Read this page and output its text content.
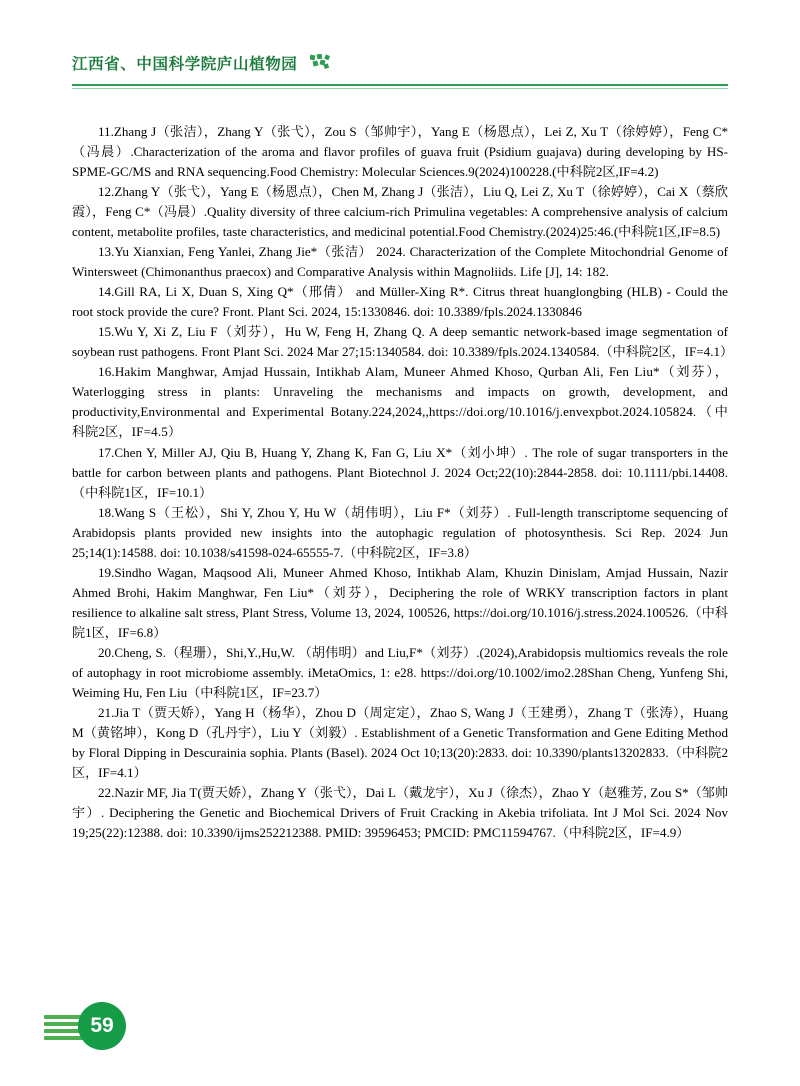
江西省、中国科学院庐山植物园

11.Zhang J（张洁），Zhang Y（张弋），Zou S（邹帅宇），Yang E（杨恩点），Lei Z, Xu T（徐婷婷），Feng C*（冯晨）.Characterization of the aroma and flavor profiles of guava fruit (Psidium guajava) during developing by HS-SPME-GC/MS and RNA sequencing.Food Chemistry: Molecular Sciences.9(2024)100228.(中科院2区,IF=4.2)

12.Zhang Y（张弋），Yang E（杨恩点），Chen M, Zhang J（张洁），Liu Q, Lei Z, Xu T（徐婷婷），Cai X（蔡欣霞），Feng C*（冯晨）.Quality diversity of three calcium-rich Primulina vegetables: A comprehensive analysis of calcium content, metabolite profiles, taste characteristics, and medicinal potential.Food Chemistry.(2024)25:46.(中科院1区,IF=8.5)

13.Yu Xianxian, Feng Yanlei, Zhang Jie*（张洁） 2024. Characterization of the Complete Mitochondrial Genome of Wintersweet (Chimonanthus praecox) and Comparative Analysis within Magnoliids. Life [J], 14: 182.

14.Gill RA, Li X, Duan S, Xing Q*（邢倩） and Müller-Xing R*. Citrus threat huanglongbing (HLB) - Could the root stock provide the cure? Front. Plant Sci. 2024, 15:1330846. doi: 10.3389/fpls.2024.1330846

15.Wu Y, Xi Z, Liu F（刘芬），Hu W, Feng H, Zhang Q. A deep semantic network-based image segmentation of soybean rust pathogens. Front Plant Sci. 2024 Mar 27;15:1340584. doi: 10.3389/fpls.2024.1340584.（中科院2区，IF=4.1）

16.Hakim Manghwar, Amjad Hussain, Intikhab Alam, Muneer Ahmed Khoso, Qurban Ali, Fen Liu*（刘芬），Waterlogging stress in plants: Unraveling the mechanisms and impacts on growth, development, and productivity,Environmental and Experimental Botany.224,2024,,https://doi.org/10.1016/j.envexpbot.2024.105824.（中科院2区，IF=4.5）

17.Chen Y, Miller AJ, Qiu B, Huang Y, Zhang K, Fan G, Liu X*（刘小坤）. The role of sugar transporters in the battle for carbon between plants and pathogens. Plant Biotechnol J. 2024 Oct;22(10):2844-2858. doi: 10.1111/pbi.14408.（中科院1区，IF=10.1）

18.Wang S（王松），Shi Y, Zhou Y, Hu W（胡伟明），Liu F*（刘芬）. Full-length transcriptome sequencing of Arabidopsis plants provided new insights into the autophagic regulation of photosynthesis. Sci Rep. 2024 Jun 25;14(1):14588. doi: 10.1038/s41598-024-65555-7.（中科院2区，IF=3.8）

19.Sindho Wagan, Maqsood Ali, Muneer Ahmed Khoso, Intikhab Alam, Khuzin Dinislam, Amjad Hussain, Nazir Ahmed Brohi, Hakim Manghwar, Fen Liu*（刘芬），Deciphering the role of WRKY transcription factors in plant resilience to alkaline salt stress, Plant Stress, Volume 13, 2024, 100526, https://doi.org/10.1016/j.stress.2024.100526.（中科院1区，IF=6.8）

20.Cheng, S.（程珊），Shi,Y.,Hu,W. （胡伟明）and Liu,F*（刘芬）.(2024),Arabidopsis multiomics reveals the role of autophagy in root microbiome assembly. iMetaOmics, 1: e28. https://doi.org/10.1002/imo2.28Shan Cheng, Yunfeng Shi, Weiming Hu, Fen Liu（中科院1区，IF=23.7）

21.Jia T（贾天娇），Yang H（杨华），Zhou D（周定定），Zhao S, Wang J（王建勇），Zhang T（张涛），Huang M（黄铭坤），Kong D（孔丹宇），Liu Y（刘毅）. Establishment of a Genetic Transformation and Gene Editing Method by Floral Dipping in Descurainia sophia. Plants (Basel). 2024 Oct 10;13(20):2833. doi: 10.3390/plants13202833.（中科院2区，IF=4.1）

22.Nazir MF, Jia T(贾天娇），Zhang Y（张弋），Dai L（戴龙宇），Xu J（徐杰），Zhao Y（赵雅芳, Zou S*（邹帅宇）. Deciphering the Genetic and Biochemical Drivers of Fruit Cracking in Akebia trifoliata. Int J Mol Sci. 2024 Nov 19;25(22):12388. doi: 10.3390/ijms252212388. PMID: 39596453; PMCID: PMC11594767.（中科院2区，IF=4.9）

59
